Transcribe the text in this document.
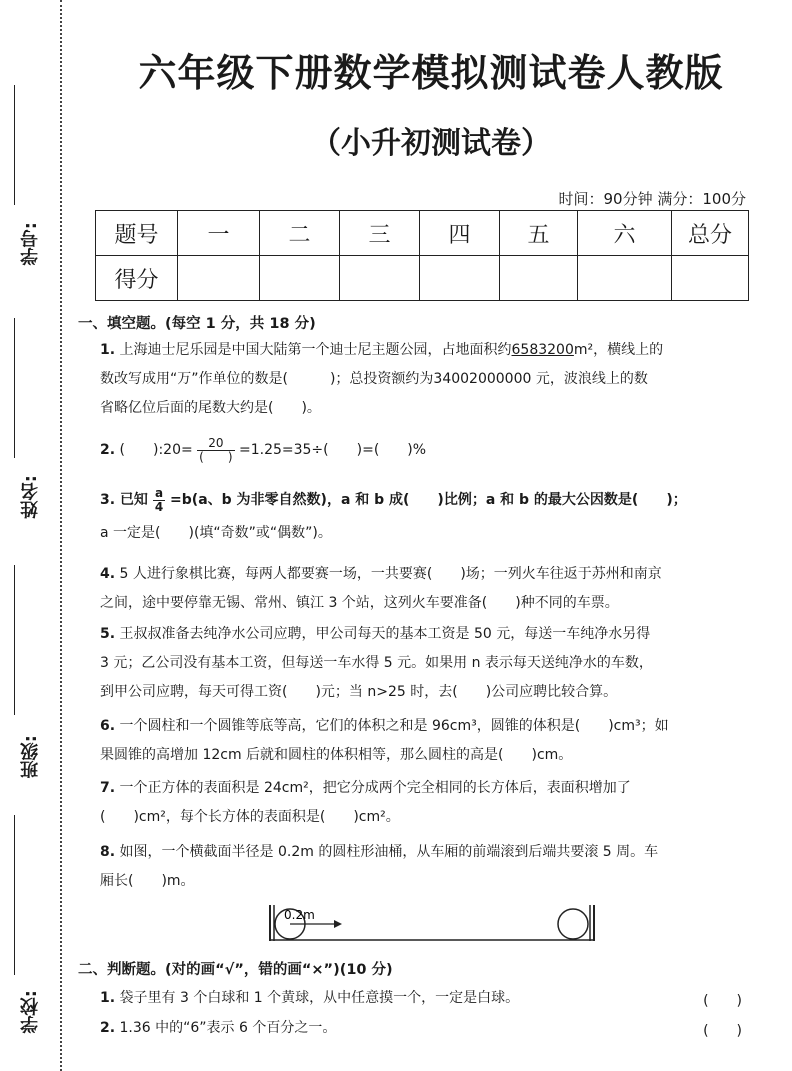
学号:
姓名:
班级:
学校:
六年级下册数学模拟测试卷人教版
（小升初测试卷）
时间：90分钟 满分：100分
题号	一	二	三	四	五	六	总分
得分							
一、填空题。(每空 1 分，共 18 分)
1. 上海迪士尼乐园是中国大陆第一个迪士尼主题公园，占地面积约6583200m²，横线上的
数改写成用“万”作单位的数是(　　　)；总投资额约为34002000000 元，波浪线上的数
省略亿位后面的尾数大约是(　　)。
2. (　　):20= $\frac{20}{( )} =1.25=35\div$(　　)=(　　)%
3. 已知 $\frac{a}{4} =b(a$、b 为非零自然数)，a 和 b 成(　　)比例；a 和 b 的最大公因数是(　　)；
a 一定是(　　)(填“奇数”或“偶数”)。
4. 5 人进行象棋比赛，每两人都要赛一场，一共要赛(　　)场；一列火车往返于苏州和南京
之间，途中要停靠无锡、常州、镇江 3 个站，这列火车要准备(　　)种不同的车票。
5. 王叔叔准备去纯净水公司应聘，甲公司每天的基本工资是 50 元，每送一车纯净水另得
3 元；乙公司没有基本工资，但每送一车水得 5 元。如果用 n 表示每天送纯净水的车数，
到甲公司应聘，每天可得工资(　　)元；当 n>25 时，去(　　)公司应聘比较合算。
6. 一个圆柱和一个圆锥等底等高，它们的体积之和是 96cm³，圆锥的体积是(　　)cm³；如
果圆锥的高增加 12cm 后就和圆柱的体积相等，那么圆柱的高是(　　)cm。
7. 一个正方体的表面积是 24cm²，把它分成两个完全相同的长方体后，表面积增加了
(　　)cm²，每个长方体的表面积是(　　)cm²。
8. 如图，一个横截面半径是 0.2m 的圆柱形油桶，从车厢的前端滚到后端共要滚 5 周。车
厢长(　　)m。
0.2m
二、判断题。(对的画“√”，错的画“×”)(10 分)
1. 袋子里有 3 个白球和 1 个黄球，从中任意摸一个，一定是白球。	(　　)
2. 1.36 中的“6”表示 6 个百分之一。	(　　)
